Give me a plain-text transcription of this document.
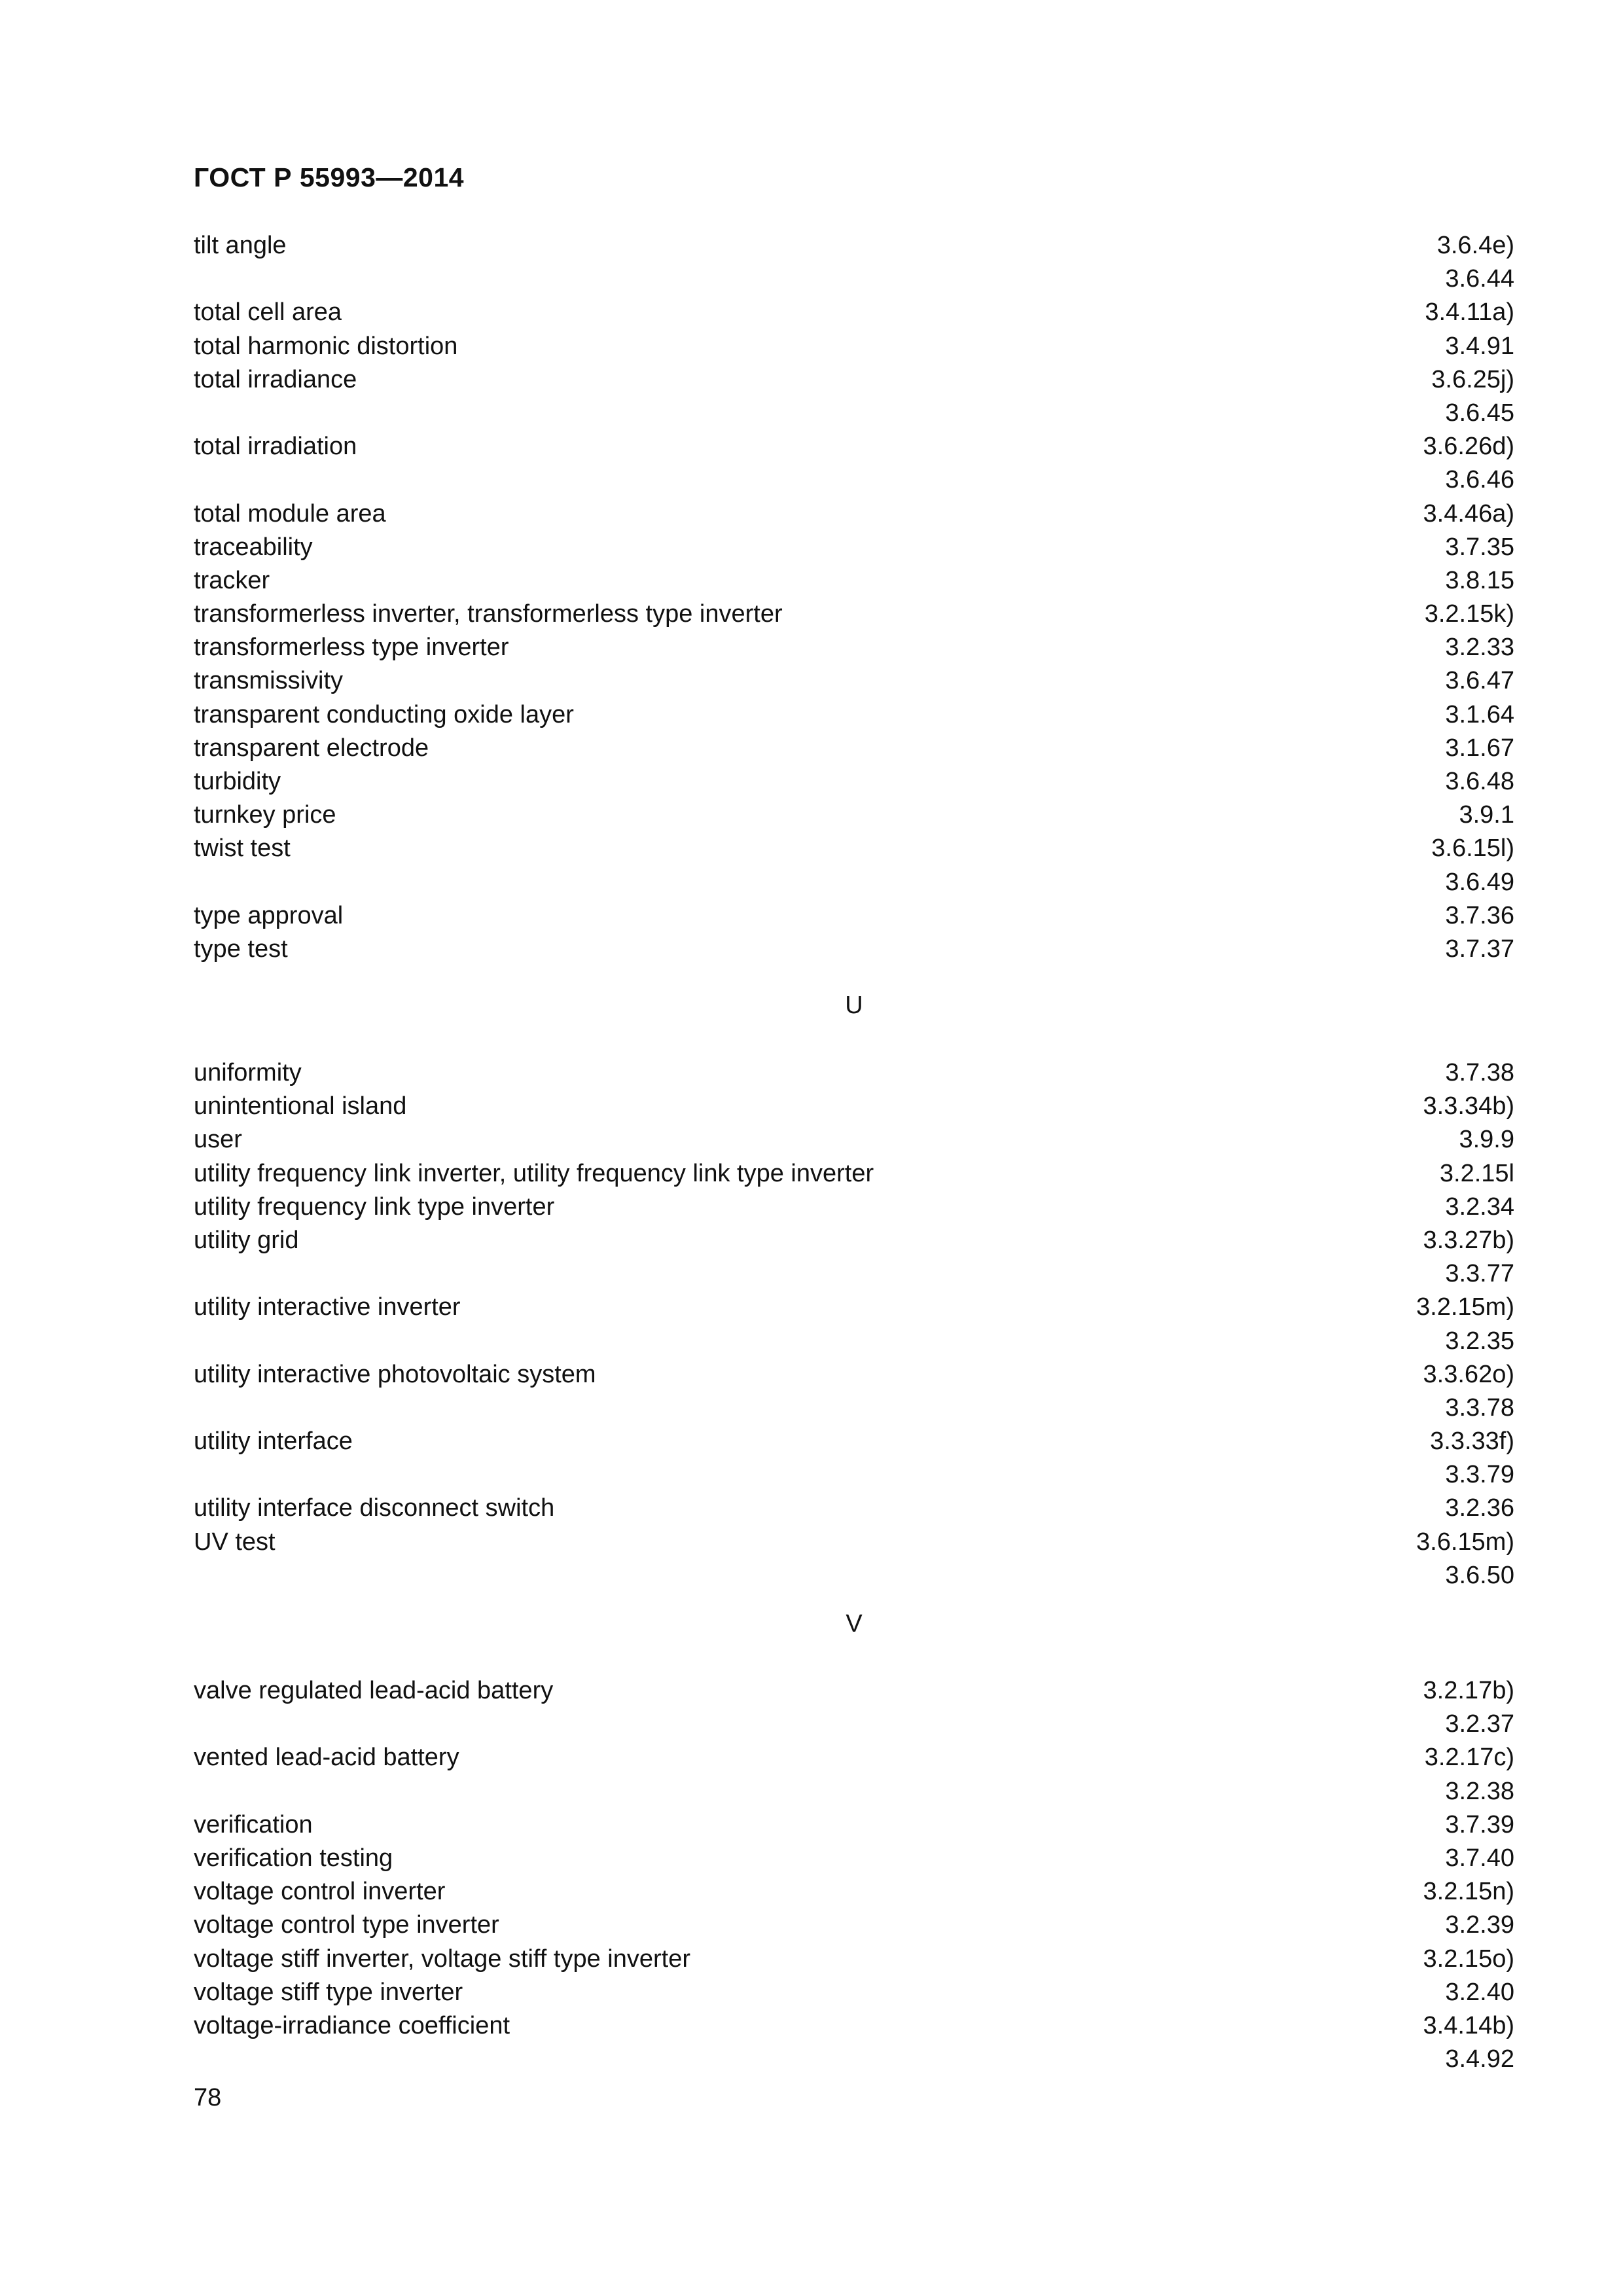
ГОСТ Р 55993—2014
tilt angle	3.6.4e)
3.6.44
total cell area	3.4.11a)
total harmonic distortion	3.4.91
total irradiance	3.6.25j)
3.6.45
total irradiation	3.6.26d)
3.6.46
total module area	3.4.46a)
traceability	3.7.35
tracker	3.8.15
transformerless inverter, transformerless type inverter	3.2.15k)
transformerless type inverter	3.2.33
transmissivity	3.6.47
transparent conducting oxide layer	3.1.64
transparent electrode	3.1.67
turbidity	3.6.48
turnkey price	3.9.1
twist test	3.6.15l)
3.6.49
type approval	3.7.36
type test	3.7.37
U
uniformity	3.7.38
unintentional island	3.3.34b)
user	3.9.9
utility frequency link inverter, utility frequency link type inverter	3.2.15l
utility frequency link type inverter	3.2.34
utility grid	3.3.27b)
3.3.77
utility interactive inverter	3.2.15m)
3.2.35
utility interactive photovoltaic system	3.3.62o)
3.3.78
utility interface	3.3.33f)
3.3.79
utility interface disconnect switch	3.2.36
UV test	3.6.15m)
3.6.50
V
valve regulated lead-acid battery	3.2.17b)
3.2.37
vented lead-acid battery	3.2.17c)
3.2.38
verification	3.7.39
verification testing	3.7.40
voltage control inverter	3.2.15n)
voltage control type inverter	3.2.39
voltage stiff inverter, voltage stiff type inverter	3.2.15o)
voltage stiff type inverter	3.2.40
voltage-irradiance coefficient	3.4.14b)
3.4.92
78
